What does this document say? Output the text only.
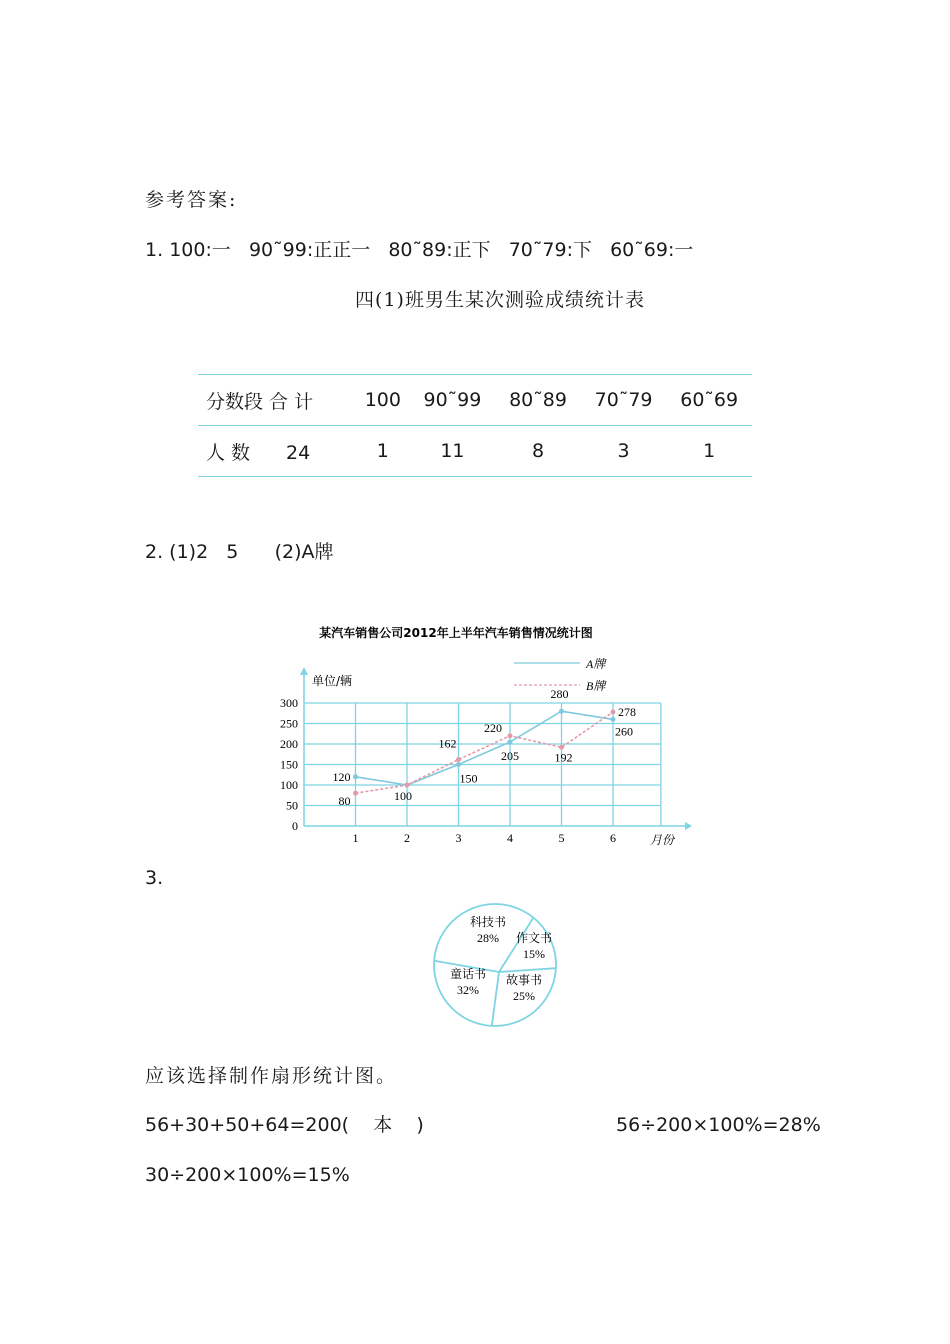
参考答案:
1. 100:一   90˜99:正正一   80˜89:正下   70˜79:下   60˜69:一
四(1)班男生某次测验成绩统计表
分数段 合 计	100	90˜99	80˜89	70˜79	60˜69
人 数 24	1	11	8	3	1
2. (1)2   5      (2)A牌
某汽车销售公司2012年上半年汽车销售情况统计图
0
50
100
150
200
250
300
1	2	3	4	5	6
单位/辆
月份
A牌
B牌
120
100
150
205
280
260
80
162
220
192
278
3.
科技书
28% 作文书
15%
故事书
25%
童话书
32%
应该选择制作扇形统计图。
56+30+50+64=200(    本    )	56÷200×100%=28%
30÷200×100%=15%
